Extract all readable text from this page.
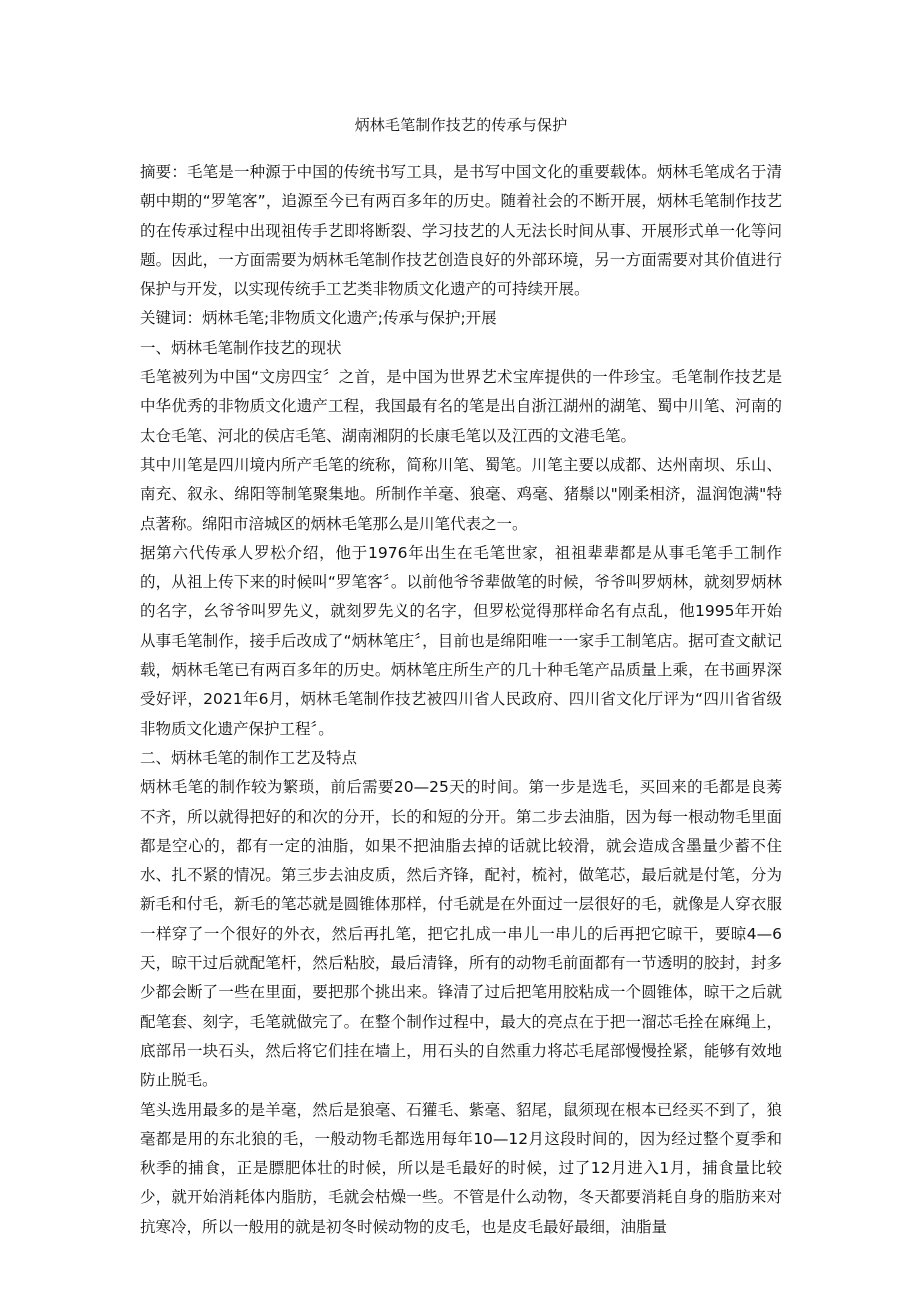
炳林毛笔制作技艺的传承与保护

摘要：毛笔是一种源于中国的传统书写工具，是书写中国文化的重要载体。炳林毛笔成名于清朝中期的“罗笔客”，追源至今已有两百多年的历史。随着社会的不断开展，炳林毛笔制作技艺的在传承过程中出现祖传手艺即将断裂、学习技艺的人无法长时间从事、开展形式单一化等问题。因此，一方面需要为炳林毛笔制作技艺创造良好的外部环境，另一方面需要对其价值进行保护与开发，以实现传统手工艺类非物质文化遗产的可持续开展。

关键词：炳林毛笔;非物质文化遗产;传承与保护;开展

一、炳林毛笔制作技艺的现状

毛笔被列为中国“文房四宝〞之首，是中国为世界艺术宝库提供的一件珍宝。毛笔制作技艺是中华优秀的非物质文化遗产工程，我国最有名的笔是出自浙江湖州的湖笔、蜀中川笔、河南的太仓毛笔、河北的侯店毛笔、湖南湘阴的长康毛笔以及江西的文港毛笔。

其中川笔是四川境内所产毛笔的统称，简称川笔、蜀笔。川笔主要以成都、达州南坝、乐山、南充、叙永、绵阳等制笔聚集地。所制作羊毫、狼毫、鸡毫、猪鬃以"刚柔相济，温润饱满"特点著称。绵阳市涪城区的炳林毛笔那么是川笔代表之一。

据第六代传承人罗松介绍，他于1976年出生在毛笔世家，祖祖辈辈都是从事毛笔手工制作的，从祖上传下来的时候叫“罗笔客〞。以前他爷爷辈做笔的时候，爷爷叫罗炳林，就刻罗炳林的名字，幺爷爷叫罗先义，就刻罗先义的名字，但罗松觉得那样命名有点乱，他1995年开始从事毛笔制作，接手后改成了“炳林笔庄〞，目前也是绵阳唯一一家手工制笔店。据可查文献记载，炳林毛笔已有两百多年的历史。炳林笔庄所生产的几十种毛笔产品质量上乘，在书画界深受好评，2021年6月，炳林毛笔制作技艺被四川省人民政府、四川省文化厅评为“四川省省级非物质文化遗产保护工程〞。

二、炳林毛笔的制作工艺及特点

炳林毛笔的制作较为繁琐，前后需要20—25天的时间。第一步是选毛，买回来的毛都是良莠不齐，所以就得把好的和次的分开，长的和短的分开。第二步去油脂，因为每一根动物毛里面都是空心的，都有一定的油脂，如果不把油脂去掉的话就比较滑，就会造成含墨量少蓄不住水、扎不紧的情况。第三步去油皮质，然后齐锋，配衬，梳衬，做笔芯，最后就是付笔，分为新毛和付毛，新毛的笔芯就是圆锥体那样，付毛就是在外面过一层很好的毛，就像是人穿衣服一样穿了一个很好的外衣，然后再扎笔，把它扎成一串儿一串儿的后再把它晾干，要晾4—6天，晾干过后就配笔杆，然后粘胶，最后清锋，所有的动物毛前面都有一节透明的胶封，封多少都会断了一些在里面，要把那个挑出来。锋清了过后把笔用胶粘成一个圆锥体，晾干之后就配笔套、刻字，毛笔就做完了。在整个制作过程中，最大的亮点在于把一溜芯毛拴在麻绳上，底部吊一块石头，然后将它们挂在墙上，用石头的自然重力将芯毛尾部慢慢拴紧，能够有效地防止脱毛。

笔头选用最多的是羊毫，然后是狼毫、石獾毛、紫毫、貂尾，鼠须现在根本已经买不到了，狼毫都是用的东北狼的毛，一般动物毛都选用每年10—12月这段时间的，因为经过整个夏季和秋季的捕食，正是膘肥体壮的时候，所以是毛最好的时候，过了12月进入1月，捕食量比较少，就开始消耗体内脂肪，毛就会枯燥一些。不管是什么动物，冬天都要消耗自身的脂肪来对抗寒冷，所以一般用的就是初冬时候动物的皮毛，也是皮毛最好最细，油脂量
